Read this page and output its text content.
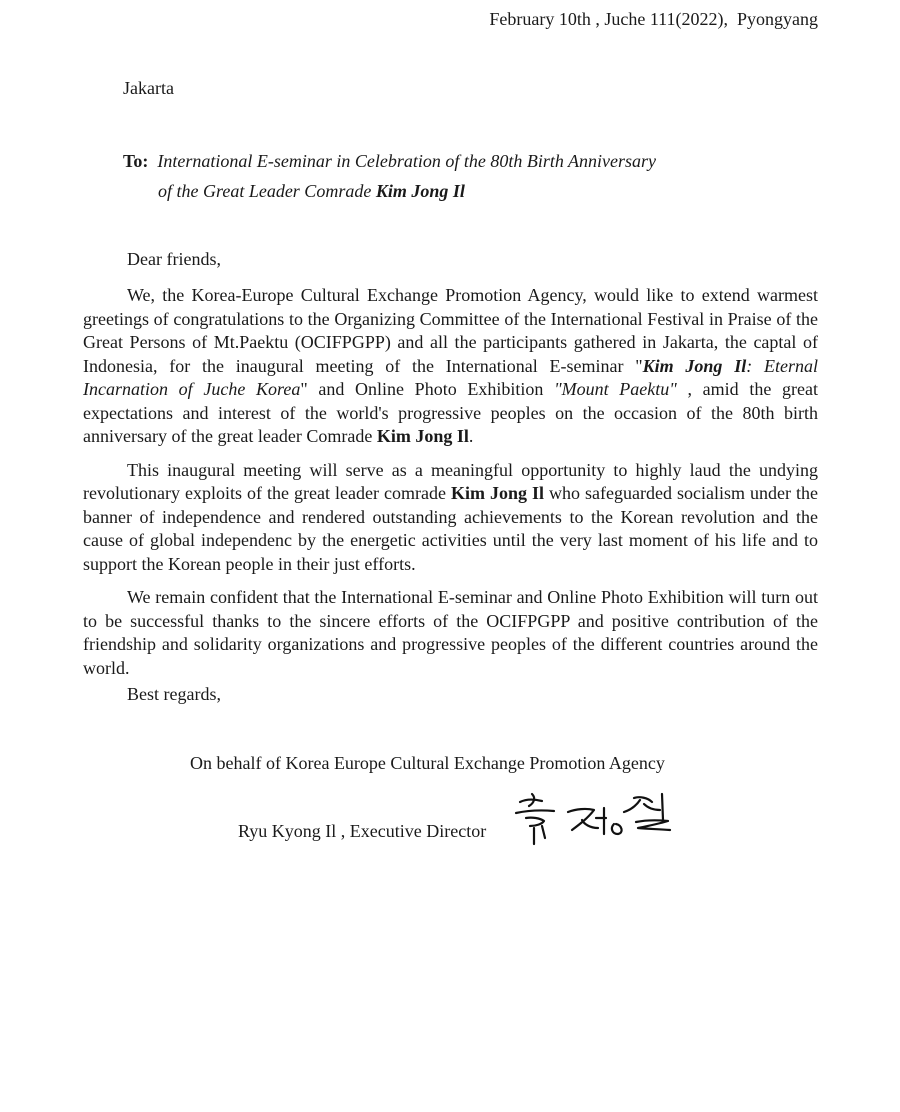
February 10th , Juche 111(2022),  Pyongyang
Jakarta
To: International E-seminar in Celebration of the 80th Birth Anniversary
of the Great Leader Comrade Kim Jong Il
Dear friends,

We, the Korea-Europe Cultural Exchange Promotion Agency, would like to extend warmest greetings of congratulations to the Organizing Committee of the International Festival in Praise of the Great Persons of Mt.Paektu (OCIFPGPP) and all the participants gathered in Jakarta, the captal of Indonesia, for the inaugural meeting of the International E-seminar "Kim Jong Il: Eternal Incarnation of Juche Korea" and Online Photo Exhibition "Mount Paektu" , amid the great expectations and interest of the world's progressive peoples on the occasion of the 80th birth anniversary of the great leader Comrade Kim Jong Il.

This inaugural meeting will serve as a meaningful opportunity to highly laud the undying revolutionary exploits of the great leader comrade Kim Jong Il who safeguarded socialism under the banner of independence and rendered outstanding achievements to the Korean revolution and the cause of global independenc by the energetic activities until the very last moment of his life and to support the Korean people in their just efforts.

We remain confident that the International E-seminar and Online Photo Exhibition will turn out to be successful thanks to the sincere efforts of the OCIFPGPP and positive contribution of the friendship and solidarity organizations and progressive peoples of the different countries around the world.

Best regards,
On behalf of Korea Europe Cultural Exchange Promotion Agency
Ryu Kyong Il , Executive Director
